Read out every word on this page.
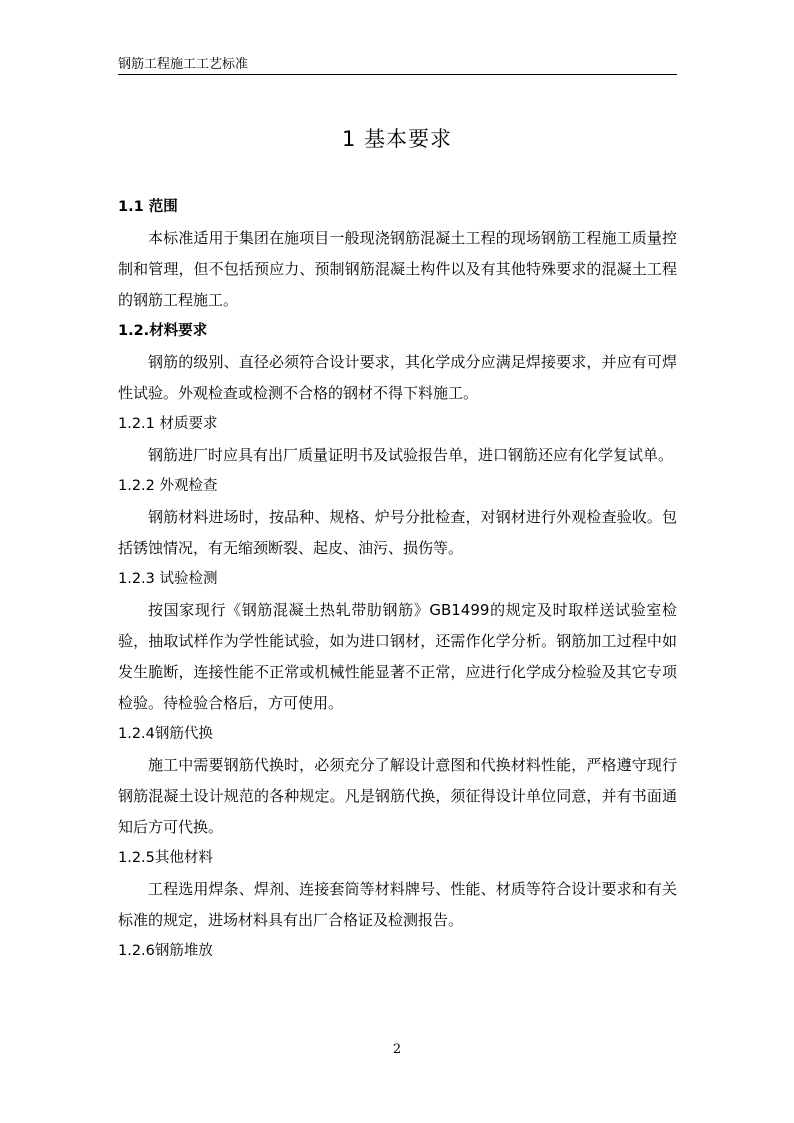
钢筋工程施工工艺标准
1 基本要求
1.1 范围

本标准适用于集团在施项目一般现浇钢筋混凝土工程的现场钢筋工程施工质量控制和管理，但不包括预应力、预制钢筋混凝土构件以及有其他特殊要求的混凝土工程的钢筋工程施工。

1.2.材料要求

钢筋的级别、直径必须符合设计要求，其化学成分应满足焊接要求，并应有可焊性试验。外观检查或检测不合格的钢材不得下料施工。

1.2.1 材质要求

钢筋进厂时应具有出厂质量证明书及试验报告单，进口钢筋还应有化学复试单。

1.2.2 外观检查

钢筋材料进场时，按品种、规格、炉号分批检查，对钢材进行外观检查验收。包括锈蚀情况，有无缩颈断裂、起皮、油污、损伤等。

1.2.3 试验检测

按国家现行《钢筋混凝土热轧带肋钢筋》GB1499的规定及时取样送试验室检验，抽取试样作为学性能试验，如为进口钢材，还需作化学分析。钢筋加工过程中如发生脆断，连接性能不正常或机械性能显著不正常，应进行化学成分检验及其它专项检验。待检验合格后，方可使用。

1.2.4钢筋代换

施工中需要钢筋代换时，必须充分了解设计意图和代换材料性能，严格遵守现行钢筋混凝土设计规范的各种规定。凡是钢筋代换，须征得设计单位同意，并有书面通知后方可代换。

1.2.5其他材料

工程选用焊条、焊剂、连接套筒等材料牌号、性能、材质等符合设计要求和有关标准的规定，进场材料具有出厂合格证及检测报告。

1.2.6钢筋堆放
2
